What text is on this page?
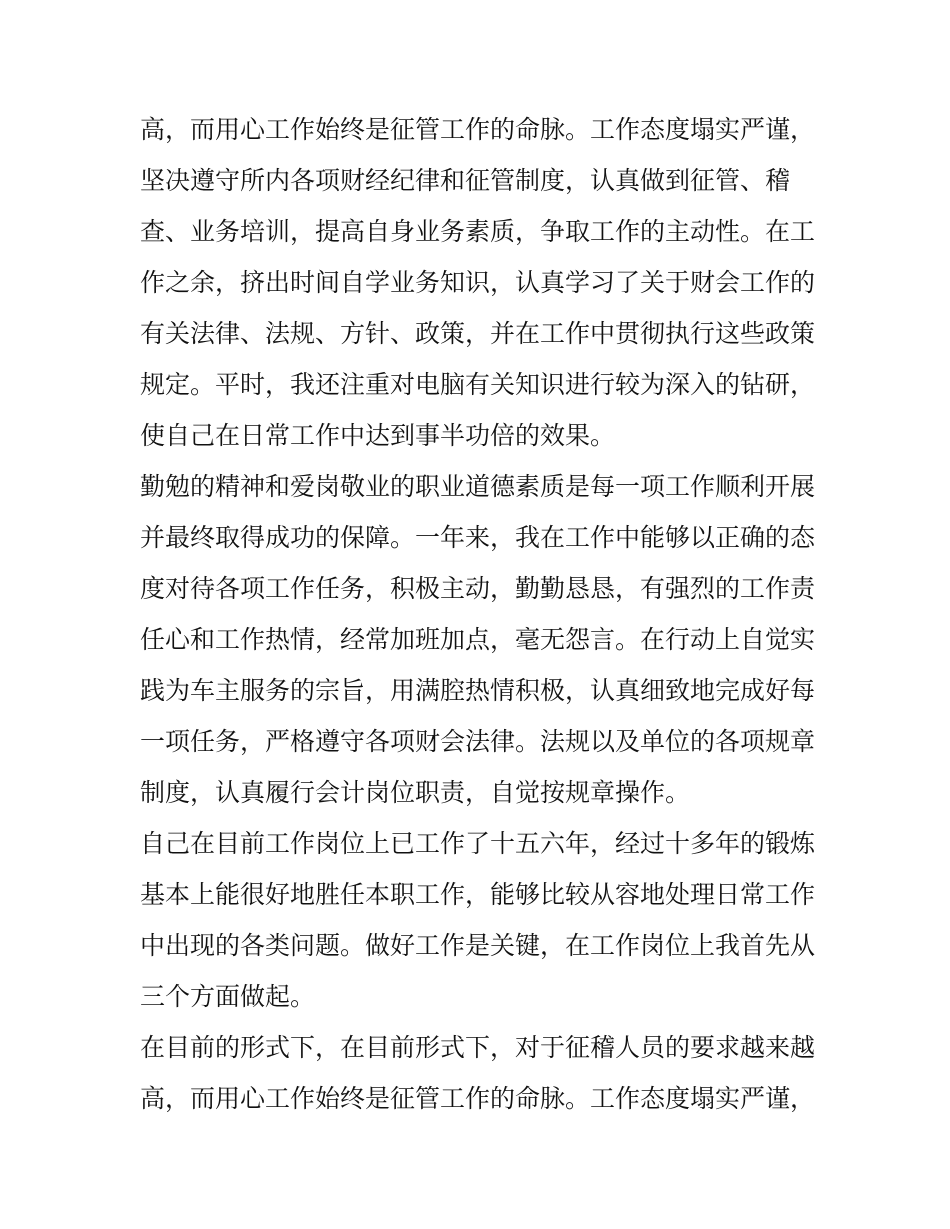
高，而用心工作始终是征管工作的命脉。工作态度塌实严谨，
坚决遵守所内各项财经纪律和征管制度，认真做到征管、稽
查、业务培训，提高自身业务素质，争取工作的主动性。在工
作之余，挤出时间自学业务知识，认真学习了关于财会工作的
有关法律、法规、方针、政策，并在工作中贯彻执行这些政策
规定。平时，我还注重对电脑有关知识进行较为深入的钻研，
使自己在日常工作中达到事半功倍的效果。
勤勉的精神和爱岗敬业的职业道德素质是每一项工作顺利开展
并最终取得成功的保障。一年来，我在工作中能够以正确的态
度对待各项工作任务，积极主动，勤勤恳恳，有强烈的工作责
任心和工作热情，经常加班加点，毫无怨言。在行动上自觉实
践为车主服务的宗旨，用满腔热情积极，认真细致地完成好每
一项任务，严格遵守各项财会法律。法规以及单位的各项规章
制度，认真履行会计岗位职责，自觉按规章操作。
自己在目前工作岗位上已工作了十五六年，经过十多年的锻炼
基本上能很好地胜任本职工作，能够比较从容地处理日常工作
中出现的各类问题。做好工作是关键，在工作岗位上我首先从
三个方面做起。
在目前的形式下，在目前形式下，对于征稽人员的要求越来越
高，而用心工作始终是征管工作的命脉。工作态度塌实严谨，
